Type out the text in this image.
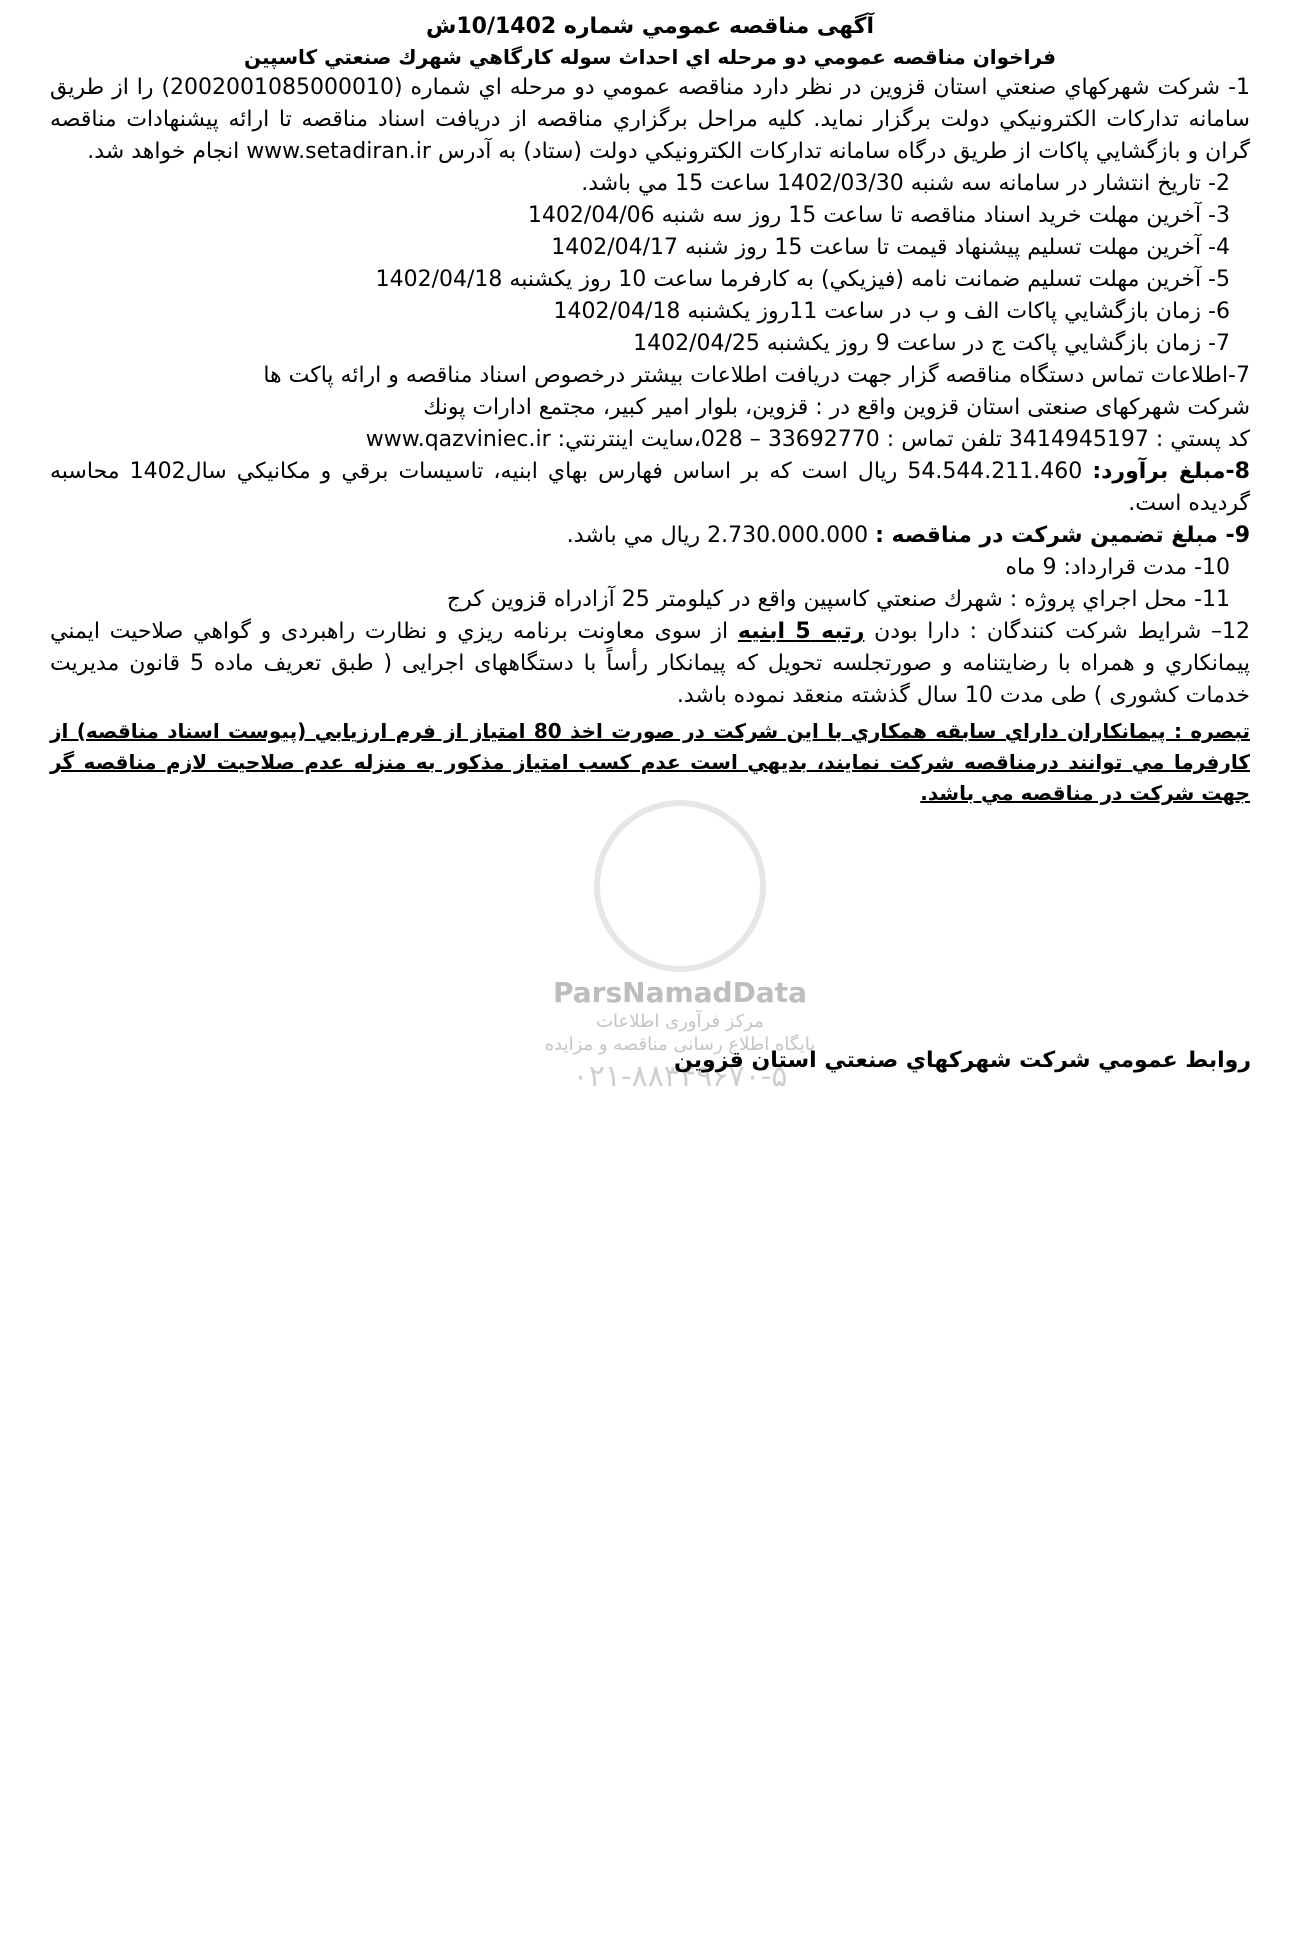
ParsNamadData
مرکز فرآوری اطلاعات
پایگاه اطلاع رسانی مناقصه و مزایده
۰۲۱-۸۸۳۴۹۶۷۰-۵
آگهی مناقصه عمومي شماره 10/1402ش
فراخوان مناقصه عمومي دو مرحله اي احداث سوله کارگاهي شهرك صنعتي کاسپين

1- شرکت شهرکهاي صنعتي استان قزوين در نظر دارد مناقصه عمومي دو مرحله اي شماره (2002001085000010) را از طريق سامانه تدارکات الکترونيکي دولت برگزار نمايد. کليه مراحل برگزاري مناقصه از دريافت اسناد مناقصه تا ارائه پيشنهادات مناقصه گران و بازگشايي پاکات از طريق درگاه سامانه تدارکات الکترونيکي دولت (ستاد) به آدرس www.setadiran.ir انجام خواهد شد.

2- تاريخ انتشار در سامانه سه شنبه 1402/03/30 ساعت 15 مي باشد.

3- آخرين مهلت خريد اسناد مناقصه تا ساعت 15 روز سه شنبه 1402/04/06

4- آخرين مهلت تسليم پيشنهاد قيمت تا ساعت 15 روز شنبه 1402/04/17

5- آخرين مهلت تسليم ضمانت نامه (فيزيکي) به کارفرما ساعت 10 روز يکشنبه 1402/04/18

6- زمان بازگشايي پاکات الف و ب در ساعت 11روز يکشنبه 1402/04/18

7- زمان بازگشايي پاکت ج در ساعت 9 روز يکشنبه 1402/04/25

7-اطلاعات تماس دستگاه مناقصه گزار جهت دريافت اطلاعات بيشتر درخصوص اسناد مناقصه و ارائه پاکت ها

شرکت شهرکهای صنعتی استان قزوین واقع در : قزوين، بلوار امير کبير، مجتمع ادارات پونك

کد پستي : 3414945197 تلفن تماس : 33692770 – 028،سايت اينترنتي: www.qazviniec.ir

8-مبلغ برآورد: 54.544.211.460 ريال است که بر اساس فهارس بهاي ابنيه، تاسيسات برقي و مکانيکي سال1402 محاسبه گرديده است.

9- مبلغ تضمين شرکت در مناقصه : 2.730.000.000 ريال مي باشد.

10- مدت قرارداد: 9 ماه

11- محل اجراي پروژه : شهرك صنعتي کاسپين واقع در کيلومتر 25 آزادراه قزوين کرج

12– شرايط شرکت کنندگان : دارا بودن رتبه 5 ابنيه از سوی معاونت برنامه ريزي و نظارت راهبردی و گواهي صلاحيت ايمني پيمانکاري و همراه با رضايتنامه و صورتجلسه تحويل که پيمانکار رأساً با دستگاههای اجرايی ( طبق تعريف ماده 5 قانون مديريت خدمات کشوری ) طی مدت 10 سال گذشته منعقد نموده باشد.

تبصره : پيمانکاران داراي سابقه همکاري با اين شرکت در صورت اخذ 80 امتياز از فرم ارزيابي (پيوست اسناد مناقصه) از کارفرما مي توانند درمناقصه شرکت نمايند، بديهي است عدم کسب امتياز مذکور به منزله عدم صلاحيت لازم مناقصه گر جهت شرکت در مناقصه مي باشد.
روابط عمومي شرکت شهرکهاي صنعتي استان قزوين
